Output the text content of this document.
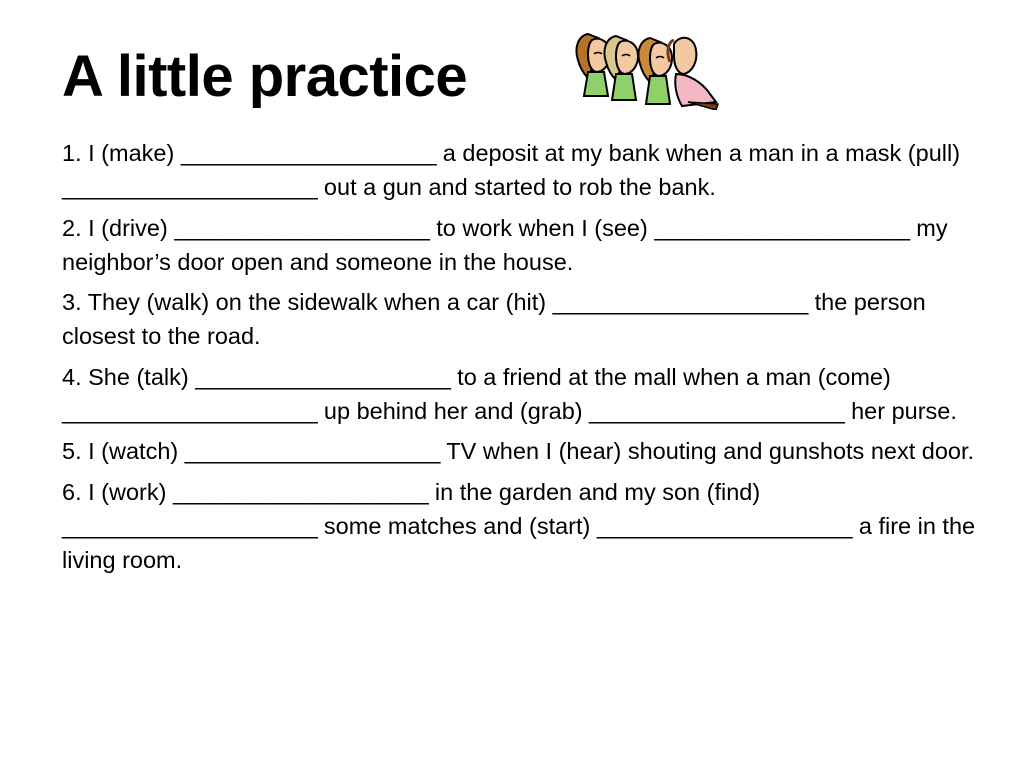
A little practice

1. I (make) ____________________ a deposit at my bank when a man in a mask (pull) ____________________ out a gun and started to rob the bank.

2. I (drive) ____________________ to work when I (see) ____________________ my neighbor’s door open and someone in the house.

3. They (walk) on the sidewalk when a car (hit) ____________________ the person closest to the road.

4. She (talk) ____________________ to a friend at the mall when a man (come) ____________________ up behind her and (grab) ____________________ her purse.

5. I (watch) ____________________ TV when I (hear) shouting and gunshots next door.

6. I (work) ____________________ in the garden and my son (find) ____________________ some matches and (start) ____________________ a fire in the living room.
